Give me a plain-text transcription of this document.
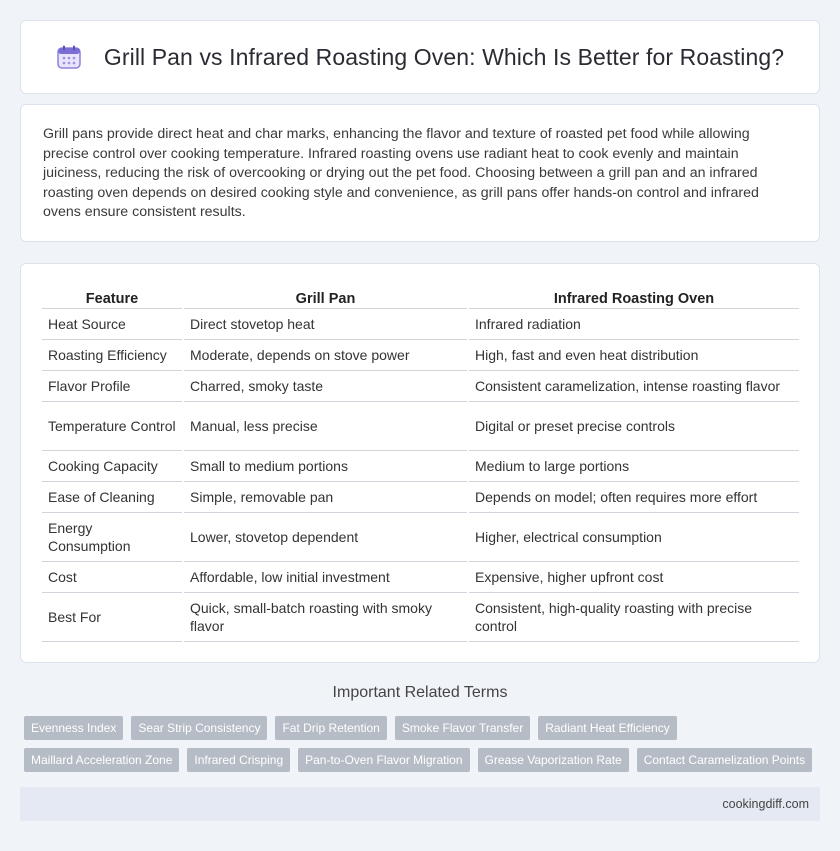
Grill Pan vs Infrared Roasting Oven: Which Is Better for Roasting?

Grill pans provide direct heat and char marks, enhancing the flavor and texture of roasted pet food while allowing precise control over cooking temperature. Infrared roasting ovens use radiant heat to cook evenly and maintain juiciness, reducing the risk of overcooking or drying out the pet food. Choosing between a grill pan and an infrared roasting oven depends on desired cooking style and convenience, as grill pans offer hands-on control and infrared ovens ensure consistent results.

Feature	Grill Pan	Infrared Roasting Oven
Heat Source	Direct stovetop heat	Infrared radiation
Roasting Efficiency	Moderate, depends on stove power	High, fast and even heat distribution
Flavor Profile	Charred, smoky taste	Consistent caramelization, intense roasting flavor
Temperature Control	Manual, less precise	Digital or preset precise controls
Cooking Capacity	Small to medium portions	Medium to large portions
Ease of Cleaning	Simple, removable pan	Depends on model; often requires more effort
Energy Consumption	Lower, stovetop dependent	Higher, electrical consumption
Cost	Affordable, low initial investment	Expensive, higher upfront cost
Best For	Quick, small-batch roasting with smoky flavor	Consistent, high-quality roasting with precise control
Important Related Terms
Evenness Index	Sear Strip Consistency	Fat Drip Retention	Smoke Flavor Transfer	Radiant Heat Efficiency
Maillard Acceleration Zone	Infrared Crisping	Pan-to-Oven Flavor Migration	Grease Vaporization Rate	Contact Caramelization Points
cookingdiff.com
